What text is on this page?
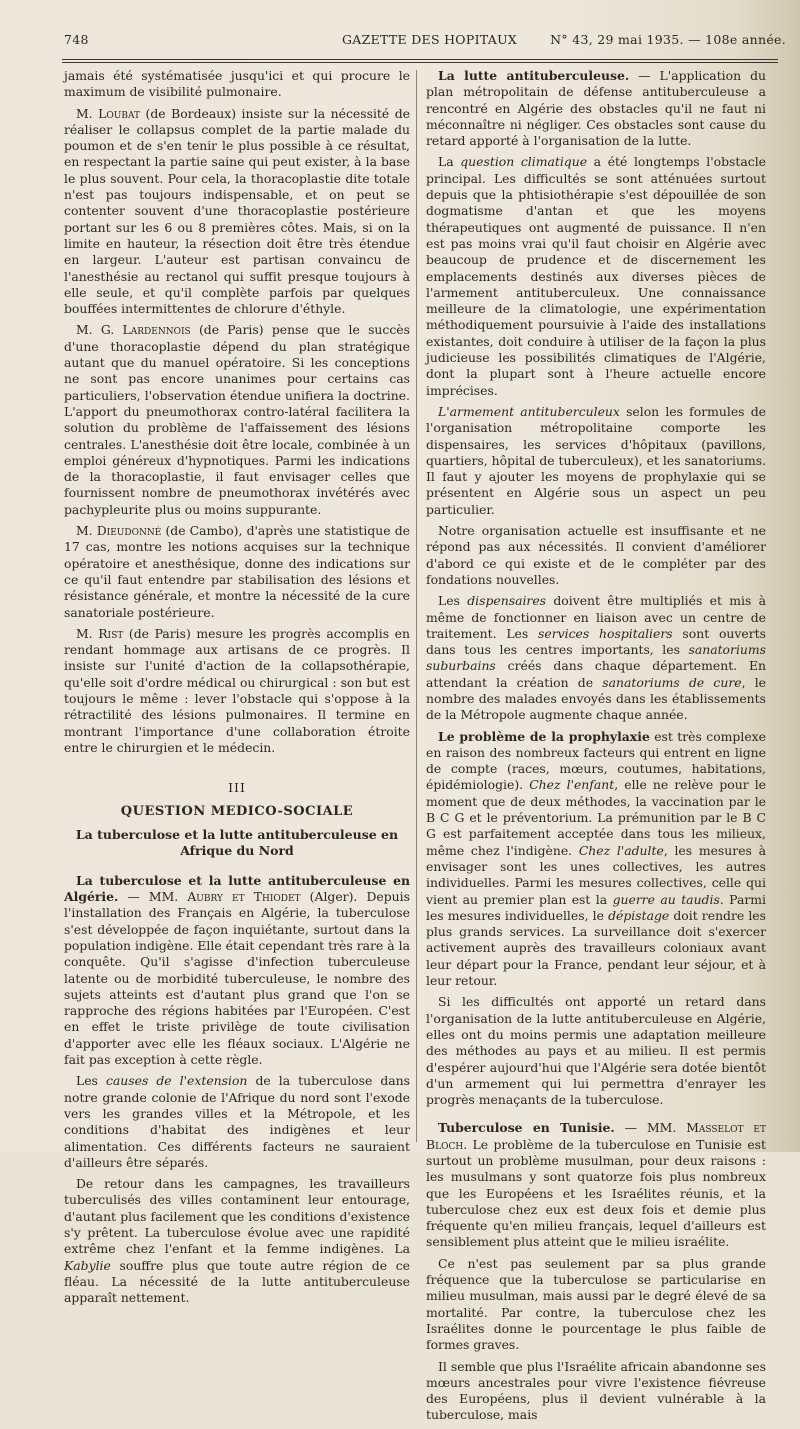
748	GAZETTE DES HOPITAUX	N° 43, 29 mai 1935. — 108e année.

jamais été systématisée jusqu'ici et qui procure le maximum de visibilité pulmonaire.

M. Loubat (de Bordeaux) insiste sur la nécessité de réaliser le collapsus complet de la partie malade du poumon et de s'en tenir le plus possible à ce résultat, en respectant la partie saine qui peut exister, à la base le plus souvent. Pour cela, la thoracoplastie dite totale n'est pas toujours indispensable, et on peut se contenter souvent d'une thoracoplastie postérieure portant sur les 6 ou 8 premières côtes. Mais, si on la limite en hauteur, la résection doit être très étendue en largeur. L'auteur est partisan convaincu de l'anesthésie au rectanol qui suffit presque toujours à elle seule, et qu'il complète parfois par quelques bouffées intermittentes de chlorure d'éthyle.

M. G. Lardennois (de Paris) pense que le succès d'une thoracoplastie dépend du plan stratégique autant que du manuel opératoire. Si les conceptions ne sont pas encore unanimes pour certains cas particuliers, l'observation étendue unifiera la doctrine. L'apport du pneumothorax contro-latéral facilitera la solution du problème de l'affaissement des lésions centrales. L'anesthésie doit être locale, combinée à un emploi généreux d'hypnotiques. Parmi les indications de la thoracoplastie, il faut envisager celles que fournissent nombre de pneumothorax invétérés avec pachypleurite plus ou moins suppurante.

M. Dieudonné (de Cambo), d'après une statistique de 17 cas, montre les notions acquises sur la technique opératoire et anesthésique, donne des indications sur ce qu'il faut entendre par stabilisation des lésions et résistance générale, et montre la nécessité de la cure sanatoriale postérieure.

M. Rist (de Paris) mesure les progrès accomplis en rendant hommage aux artisans de ce progrès. Il insiste sur l'unité d'action de la collapsothérapie, qu'elle soit d'ordre médical ou chirurgical : son but est toujours le même : lever l'obstacle qui s'oppose à la rétractilité des lésions pulmonaires. Il termine en montrant l'importance d'une collaboration étroite entre le chirurgien et le médecin.

III
QUESTION MEDICO-SOCIALE
La tuberculose et la lutte antituberculeuse en Afrique du Nord

La tuberculose et la lutte antituberculeuse en Algérie. — MM. Aubry et Thiodet (Alger). Depuis l'installation des Français en Algérie, la tuberculose s'est développée de façon inquiétante, surtout dans la population indigène. Elle était cependant très rare à la conquête. Qu'il s'agisse d'infection tuberculeuse latente ou de morbidité tuberculeuse, le nombre des sujets atteints est d'autant plus grand que l'on se rapproche des régions habitées par l'Européen. C'est en effet le triste privilège de toute civilisation d'apporter avec elle les fléaux sociaux. L'Algérie ne fait pas exception à cette règle.

Les causes de l'extension de la tuberculose dans notre grande colonie de l'Afrique du nord sont l'exode vers les grandes villes et la Métropole, et les conditions d'habitat des indigènes et leur alimentation. Ces différents facteurs ne sauraient d'ailleurs être séparés.

De retour dans les campagnes, les travailleurs tuberculisés des villes contaminent leur entourage, d'autant plus facilement que les conditions d'existence s'y prêtent. La tuberculose évolue avec une rapidité extrême chez l'enfant et la femme indigènes. La Kabylie souffre plus que toute autre région de ce fléau. La nécessité de la lutte antituberculeuse apparaît nettement.

La lutte antituberculeuse. — L'application du plan métropolitain de défense antituberculeuse a rencontré en Algérie des obstacles qu'il ne faut ni méconnaître ni négliger. Ces obstacles sont cause du retard apporté à l'organisation de la lutte.

La question climatique a été longtemps l'obstacle principal. Les difficultés se sont atténuées surtout depuis que la phtisiothérapie s'est dépouillée de son dogmatisme d'antan et que les moyens thérapeutiques ont augmenté de puissance. Il n'en est pas moins vrai qu'il faut choisir en Algérie avec beaucoup de prudence et de discernement les emplacements destinés aux diverses pièces de l'armement antituberculeux. Une connaissance meilleure de la climatologie, une expérimentation méthodiquement poursuivie à l'aide des installations existantes, doit conduire à utiliser de la façon la plus judicieuse les possibilités climatiques de l'Algérie, dont la plupart sont à l'heure actuelle encore imprécises.

L'armement antituberculeux selon les formules de l'organisation métropolitaine comporte les dispensaires, les services d'hôpitaux (pavillons, quartiers, hôpital de tuberculeux), et les sanatoriums. Il faut y ajouter les moyens de prophylaxie qui se présentent en Algérie sous un aspect un peu particulier.

Notre organisation actuelle est insuffisante et ne répond pas aux nécessités. Il convient d'améliorer d'abord ce qui existe et de le compléter par des fondations nouvelles.

Les dispensaires doivent être multipliés et mis à même de fonctionner en liaison avec un centre de traitement. Les services hospitaliers sont ouverts dans tous les centres importants, les sanatoriums suburbains créés dans chaque département. En attendant la création de sanatoriums de cure, le nombre des malades envoyés dans les établissements de la Métropole augmente chaque année.

Le problème de la prophylaxie est très complexe en raison des nombreux facteurs qui entrent en ligne de compte (races, mœurs, coutumes, habitations, épidémiologie). Chez l'enfant, elle ne relève pour le moment que de deux méthodes, la vaccination par le B C G et le préventorium. La prémunition par le B C G est parfaitement acceptée dans tous les milieux, même chez l'indigène. Chez l'adulte, les mesures à envisager sont les unes collectives, les autres individuelles. Parmi les mesures collectives, celle qui vient au premier plan est la guerre au taudis. Parmi les mesures individuelles, le dépistage doit rendre les plus grands services. La surveillance doit s'exercer activement auprès des travailleurs coloniaux avant leur départ pour la France, pendant leur séjour, et à leur retour.

Si les difficultés ont apporté un retard dans l'organisation de la lutte antituberculeuse en Algérie, elles ont du moins permis une adaptation meilleure des méthodes au pays et au milieu. Il est permis d'espérer aujourd'hui que l'Algérie sera dotée bientôt d'un armement qui lui permettra d'enrayer les progrès menaçants de la tuberculose.

Tuberculose en Tunisie. — MM. Masselot et Bloch. Le problème de la tuberculose en Tunisie est surtout un problème musulman, pour deux raisons : les musulmans y sont quatorze fois plus nombreux que les Européens et les Israélites réunis, et la tuberculose chez eux est deux fois et demie plus fréquente qu'en milieu français, lequel d'ailleurs est sensiblement plus atteint que le milieu israélite.

Ce n'est pas seulement par sa plus grande fréquence que la tuberculose se particularise en milieu musulman, mais aussi par le degré élevé de sa mortalité. Par contre, la tuberculose chez les Israélites donne le pourcentage le plus faible de formes graves.

Il semble que plus l'Israélite africain abandonne ses mœurs ancestrales pour vivre l'existence fiévreuse des Européens, plus il devient vulnérable à la tuberculose, mais
